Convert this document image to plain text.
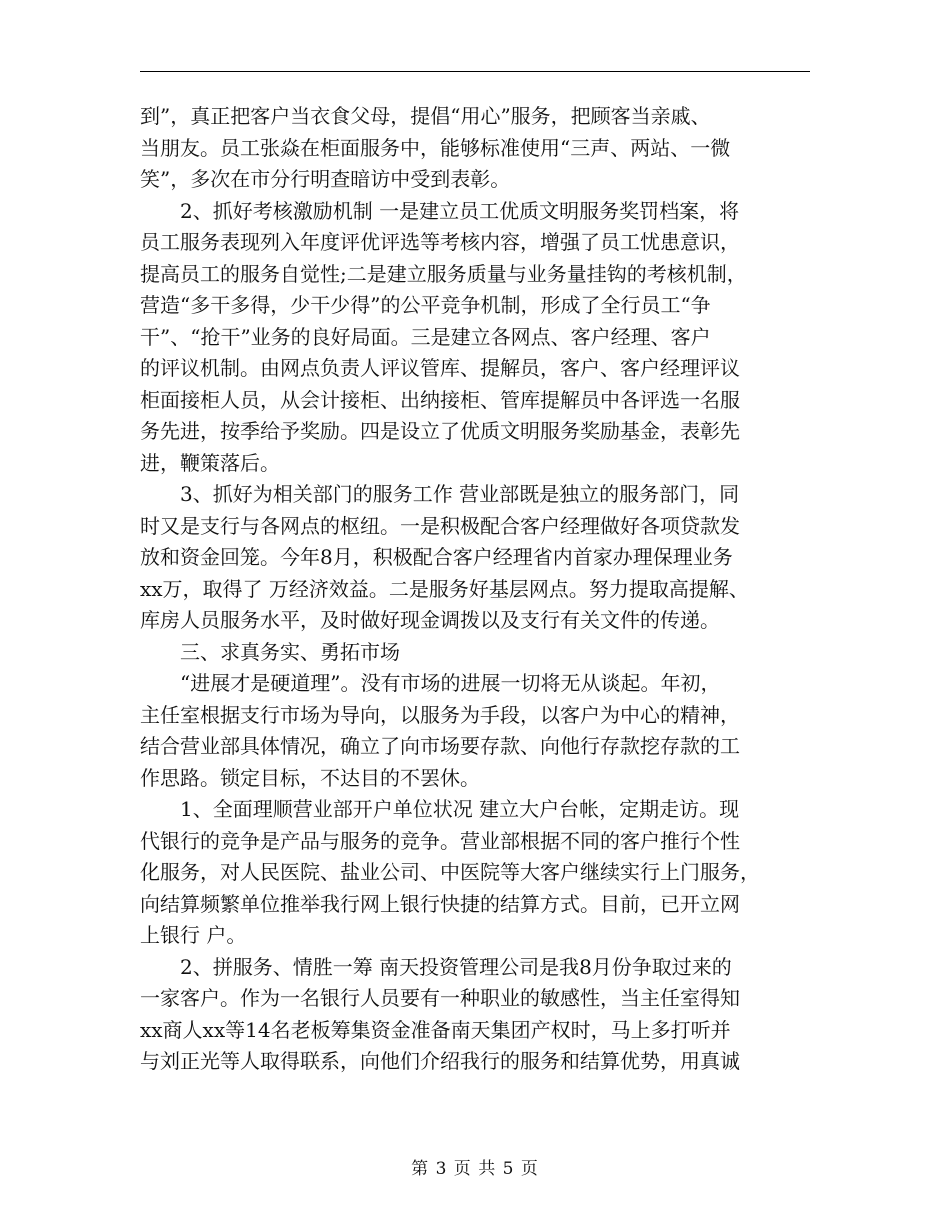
到”，真正把客户当衣食父母，提倡“用心”服务，把顾客当亲戚、
当朋友。员工张焱在柜面服务中，能够标准使用“三声、两站、一微
笑”，多次在市分行明查暗访中受到表彰。
2、抓好考核激励机制 一是建立员工优质文明服务奖罚档案，将
员工服务表现列入年度评优评选等考核内容，增强了员工忧患意识，
提高员工的服务自觉性;二是建立服务质量与业务量挂钩的考核机制，
营造“多干多得，少干少得”的公平竞争机制，形成了全行员工“争
干”、“抢干”业务的良好局面。三是建立各网点、客户经理、客户
的评议机制。由网点负责人评议管库、提解员，客户、客户经理评议
柜面接柜人员，从会计接柜、出纳接柜、管库提解员中各评选一名服
务先进，按季给予奖励。四是设立了优质文明服务奖励基金，表彰先
进，鞭策落后。
3、抓好为相关部门的服务工作 营业部既是独立的服务部门，同
时又是支行与各网点的枢纽。一是积极配合客户经理做好各项贷款发
放和资金回笼。今年8月，积极配合客户经理省内首家办理保理业务
xx万，取得了 万经济效益。二是服务好基层网点。努力提取高提解、
库房人员服务水平，及时做好现金调拨以及支行有关文件的传递。
三、求真务实、勇拓市场
“进展才是硬道理”。没有市场的进展一切将无从谈起。年初，
主任室根据支行市场为导向，以服务为手段，以客户为中心的精神，
结合营业部具体情况，确立了向市场要存款、向他行存款挖存款的工
作思路。锁定目标，不达目的不罢休。
1、全面理顺营业部开户单位状况 建立大户台帐，定期走访。现
代银行的竞争是产品与服务的竞争。营业部根据不同的客户推行个性
化服务，对人民医院、盐业公司、中医院等大客户继续实行上门服务，
向结算频繁单位推举我行网上银行快捷的结算方式。目前，已开立网
上银行 户。
2、拼服务、情胜一筹 南天投资管理公司是我8月份争取过来的
一家客户。作为一名银行人员要有一种职业的敏感性，当主任室得知
xx商人xx等14名老板筹集资金准备南天集团产权时，马上多打听并
与刘正光等人取得联系，向他们介绍我行的服务和结算优势，用真诚
第 3 页 共 5 页
